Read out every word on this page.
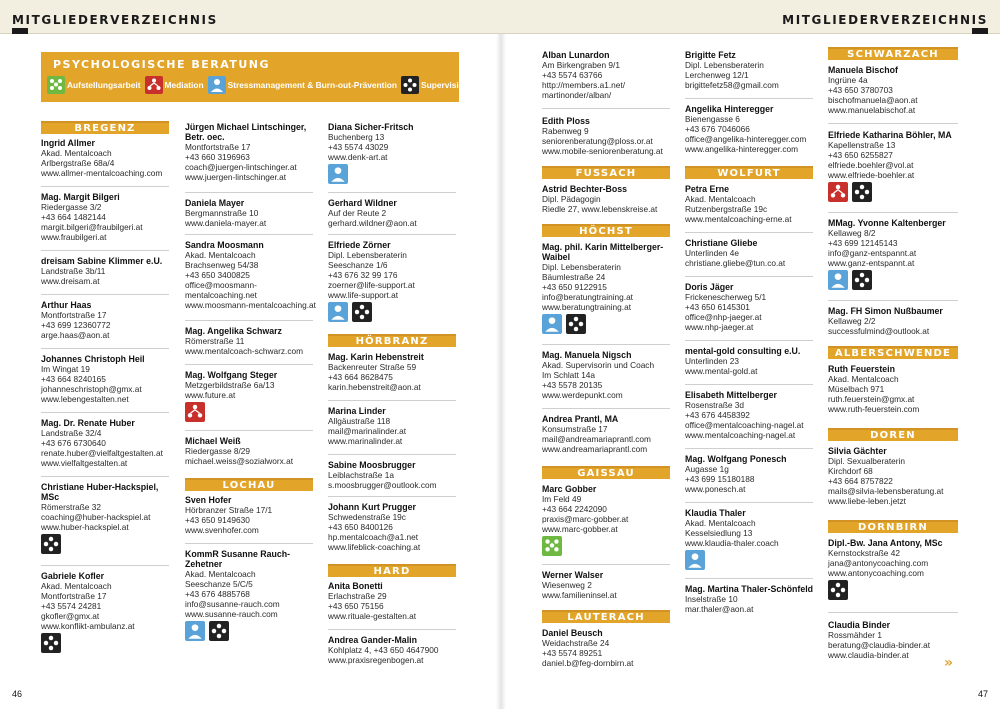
MITGLIEDERVERZEICHNIS	MITGLIEDERVERZEICHNIS
PSYCHOLOGISCHE BERATUNG
Aufstellungsarbeit	Mediation	Stressmanagement & Burn-out-Prävention	Supervision
BREGENZ
Ingrid Allmer
Akad. Mentalcoach
Arlbergstraße 68a/4
www.allmer-mentalcoaching.com
Mag. Margit Bilgeri
Riedergasse 3/2
+43 664 1482144
margit.bilgeri@fraubilgeri.at
www.fraubilgeri.at
dreisam Sabine Klimmer e.U.
Landstraße 3b/11
www.dreisam.at
Arthur Haas
Montfortstraße 17
+43 699 12360772
arge.haas@aon.at
Johannes Christoph Heil
Im Wingat 19
+43 664 8240165
johanneschristoph@gmx.at
www.lebengestalten.net
Mag. Dr. Renate Huber
Landstraße 32/4
+43 676 6730640
renate.huber@vielfaltgestalten.at
www.vielfaltgestalten.at
Christiane Huber-Hackspiel, MSc
Römerstraße 32
coaching@huber-hackspiel.at
www.huber-hackspiel.at
Gabriele Kofler
Akad. Mentalcoach
Montfortstraße 17
+43 5574 24281
gkofler@gmx.at
www.konflikt-ambulanz.at
Jürgen Michael Lintschinger, Betr. oec.
Montfortstraße 17
+43 660 3196963
coach@juergen-lintschinger.at
www.juergen-lintschinger.at
Daniela Mayer
Bergmannstraße 10
www.daniela-mayer.at
Sandra Moosmann
Akad. Mentalcoach
Brachsenweg 54/38
+43 650 3400825
office@moosmann-
mentalcoaching.net
www.moosmann-mentalcoaching.at
Mag. Angelika Schwarz
Römerstraße 11
www.mentalcoach-schwarz.com
Mag. Wolfgang Steger
Metzgerbildstraße 6a/13
www.future.at
Michael Weiß
Riedergasse 8/29
michael.weiss@sozialworx.at
LOCHAU
Sven Hofer
Hörbranzer Straße 17/1
+43 650 9149630
www.svenhofer.com
KommR Susanne Rauch-Zehetner
Akad. Mentalcoach
Seeschanze 5/C/5
+43 676 4885768
info@susanne-rauch.com
www.susanne-rauch.com
Diana Sicher-Fritsch
Buchenberg 13
+43 5574 43029
www.denk-art.at
Gerhard Wildner
Auf der Reute 2
gerhard.wildner@aon.at
Elfriede Zörner
Dipl. Lebensberaterin
Seeschanze 1/6
+43 676 32 99 176
zoerner@life-support.at
www.life-support.at
HÖRBRANZ
Mag. Karin Hebenstreit
Backenreuter Straße 59
+43 664 8628475
karin.hebenstreit@aon.at
Marina Linder
Allgäustraße 118
mail@marinalinder.at
www.marinalinder.at
Sabine Moosbrugger
Leiblachstraße 1a
s.moosbrugger@outlook.com
Johann Kurt Prugger
Schwedenstraße 19c
+43 650 8400126
hp.mentalcoach@a1.net
www.lifeblick-coaching.at
HARD
Anita Bonetti
Erlachstraße 29
+43 650 75156
www.rituale-gestalten.at
Andrea Gander-Malin
Kohlplatz 4, +43 650 4647900
www.praxisregenbogen.at
Alban Lunardon
Am Birkengraben 9/1
+43 5574 63766
http://members.a1.net/
martinonder/alban/
Edith Ploss
Rabenweg 9
seniorenberatung@ploss.or.at
www.mobile-seniorenberatung.at
FUSSACH
Astrid Bechter-Boss
Dipl. Pädagogin
Riedle 27, www.lebenskreise.at
HÖCHST
Mag. phil. Karin Mittelberger-Waibel
Dipl. Lebensberaterin
Bäumlestraße 24
+43 650 9122915
info@beratungtraining.at
www.beratungtraining.at
Mag. Manuela Nigsch
Akad. Supervisorin und Coach
Im Schlatt 14a
+43 5578 20135
www.werdepunkt.com
Andrea Prantl, MA
Konsumstraße 17
mail@andreamariaprantl.com
www.andreamariaprantl.com
GAISSAU
Marc Gobber
Im Feld 49
+43 664 2242090
praxis@marc-gobber.at
www.marc-gobber.at
Werner Walser
Wiesenweg 2
www.familieninsel.at
LAUTERACH
Daniel Beusch
Weidachstraße 24
+43 5574 89251
daniel.b@feg-dornbirn.at
Brigitte Fetz
Dipl. Lebensberaterin
Lerchenweg 12/1
brigittefetz58@gmail.com
Angelika Hinteregger
Bienengasse 6
+43 676 7046066
office@angelika-hinteregger.com
www.angelika-hinteregger.com
WOLFURT
Petra Erne
Akad. Mentalcoach
Rutzenbergstraße 19c
www.mentalcoaching-erne.at
Christiane Gliebe
Unterlinden 4e
christiane.gliebe@tun.co.at
Doris Jäger
Frickenescherweg 5/1
+43 650 6145301
office@nhp-jaeger.at
www.nhp-jaeger.at
mental-gold consulting e.U.
Unterlinden 23
www.mental-gold.at
Elisabeth Mittelberger
Rosenstraße 3d
+43 676 4458392
office@mentalcoaching-nagel.at
www.mentalcoaching-nagel.at
Mag. Wolfgang Ponesch
Augasse 1g
+43 699 15180188
www.ponesch.at
Klaudia Thaler
Akad. Mentalcoach
Kesselsiedlung 13
www.klaudia-thaler.coach
Mag. Martina Thaler-Schönfeld
Inselstraße 10
mar.thaler@aon.at
SCHWARZACH
Manuela Bischof
Ingrüne 4a
+43 650 3780703
bischofmanuela@aon.at
www.manuelabischof.at
Elfriede Katharina Böhler, MA
Kapellenstraße 13
+43 650 6255827
elfriede.boehler@vol.at
www.elfriede-boehler.at
MMag. Yvonne Kaltenberger
Kellaweg 8/2
+43 699 12145143
info@ganz-entspannt.at
www.ganz-entspannt.at
Mag. FH Simon Nußbaumer
Kellaweg 2/2
successfulmind@outlook.at
ALBERSCHWENDE
Ruth Feuerstein
Akad. Mentalcoach
Müselbach 971
ruth.feuerstein@gmx.at
www.ruth-feuerstein.com
DOREN
Silvia Gächter
Dipl. Sexualberaterin
Kirchdorf 68
+43 664 8757822
mails@silvia-lebensberatung.at
www.liebe-leben.jetzt
DORNBIRN
Dipl.-Bw. Jana Antony, MSc
Kernstockstraße 42
jana@antonycoaching.com
www.antonycoaching.com
Claudia Binder
Rossmähder 1
beratung@claudia-binder.at
www.claudia-binder.at	»
46	47
